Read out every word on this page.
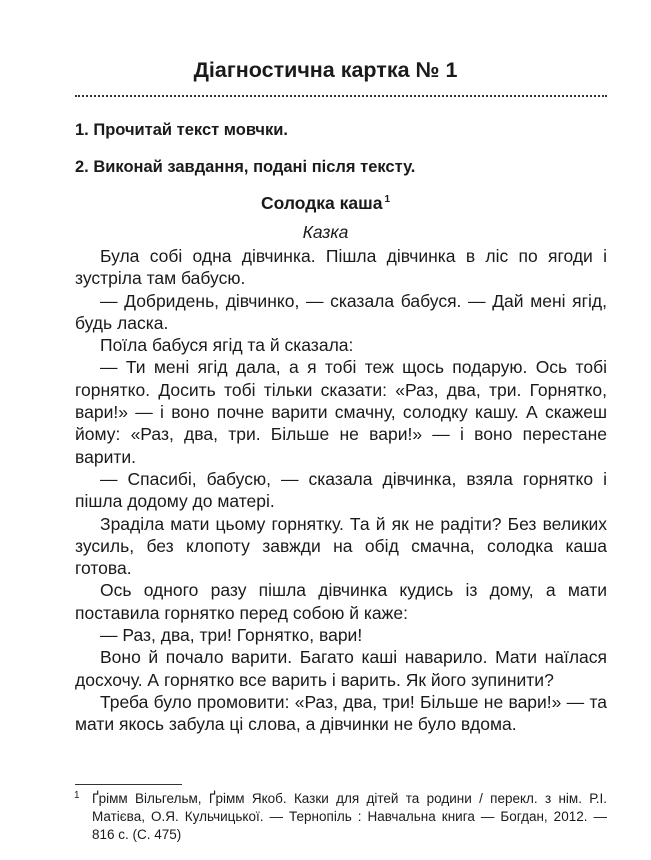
Діагностична картка № 1
1. Прочитай текст мовчки.
2. Виконай завдання, подані після тексту.
Солодка каша $^1$
Казка

Була собі одна дівчинка. Пішла дівчинка в ліс по ягоди і зустріла там бабусю.

— Добридень, дівчинко, — сказала бабуся. — Дай мені ягід, будь ласка.

Поїла бабуся ягід та й сказала:

— Ти мені ягід дала, а я тобі теж щось подарую. Ось тобі горнятко. Досить тобі тільки сказати: «Раз, два, три. Горнятко, вари!» — і воно почне варити смачну, солодку кашу. А скажеш йому: «Раз, два, три. Більше не вари!» — і воно перестане варити.

— Спасибі, бабусю, — сказала дівчинка, взяла горнятко і пішла додому до матері.

Зраділа мати цьому горнятку. Та й як не радіти? Без великих зусиль, без клопоту завжди на обід смачна, солодка каша готова.

Ось одного разу пішла дівчинка кудись із дому, а мати поставила горнятко перед собою й каже:

— Раз, два, три! Горнятко, вари!

Воно й почало варити. Багато каші наварило. Мати наїлася досхочу. А горнятко все варить і варить. Як його зупинити?

Треба було промовити: «Раз, два, три! Більше не вари!» — та мати якось забула ці слова, а дівчинки не було вдома.

1 Ґрімм Вільгельм, Ґрімм Якоб. Казки для дітей та родини / перекл. з нім. Р.І. Матієва, О.Я. Кульчицької. — Тернопіль : Навчальна книга — Богдан, 2012. — 816 с. (С. 475)
